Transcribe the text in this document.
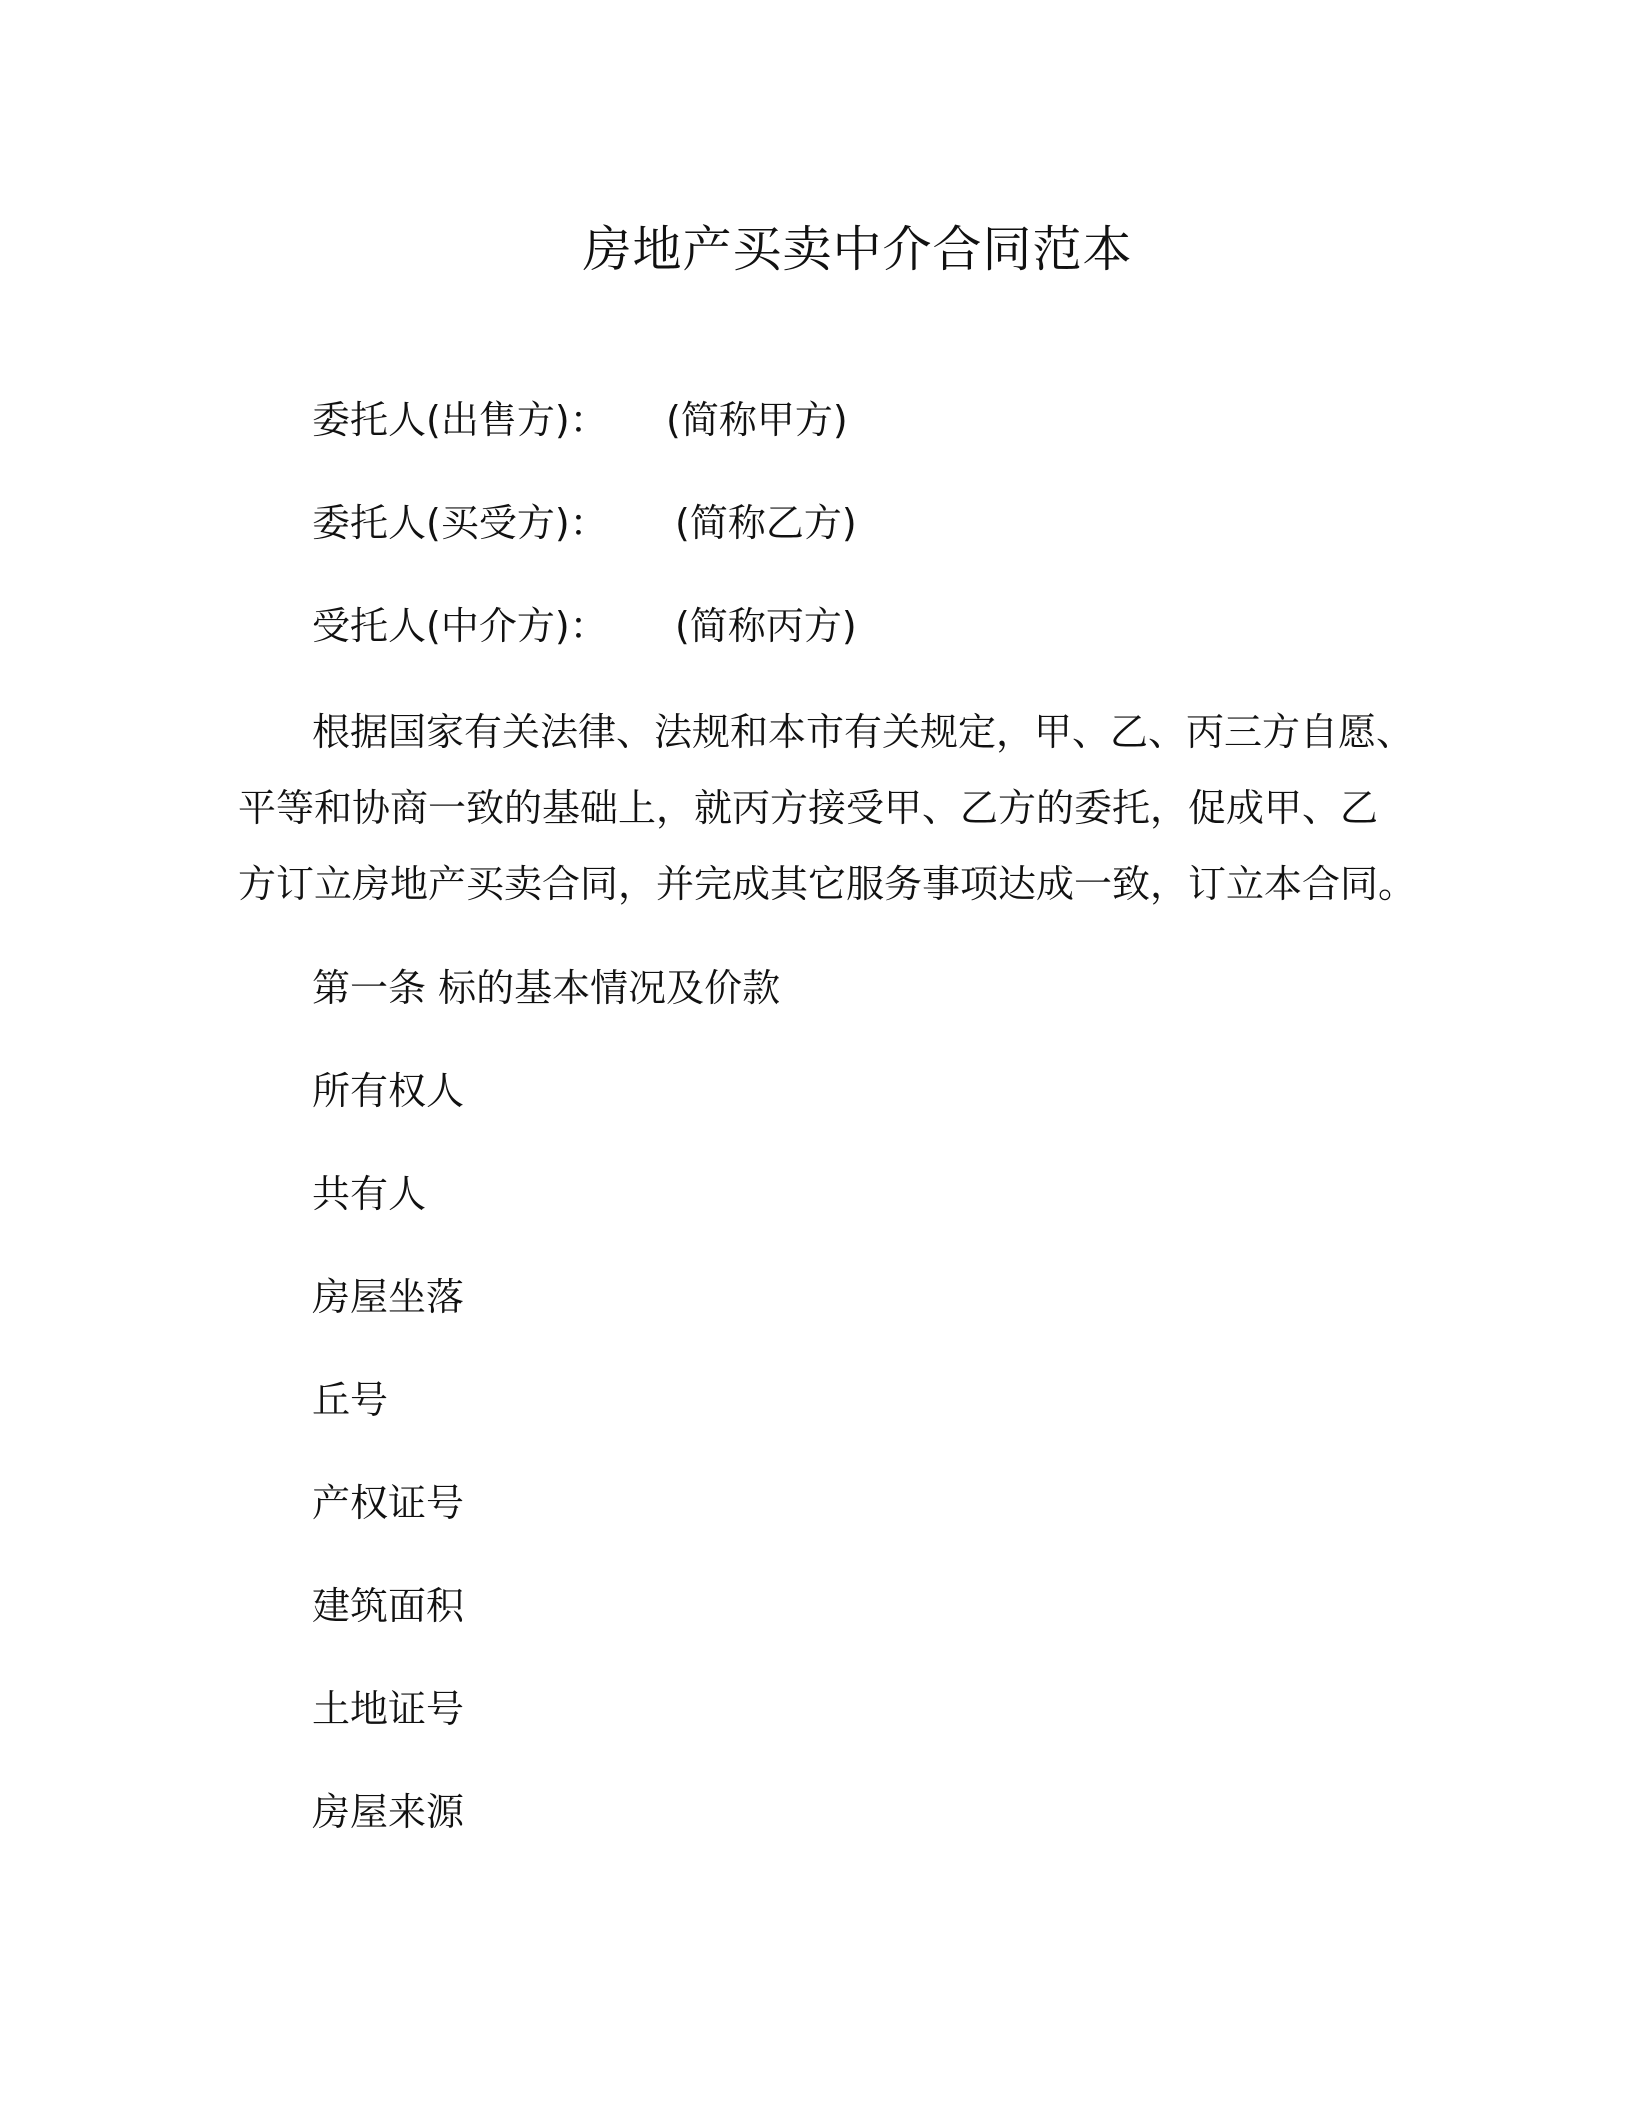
房地产买卖中介合同范本
委托人(出售方)： (简称甲方)
委托人(买受方)： (简称乙方)
受托人(中介方)： (简称丙方)
根据国家有关法律、法规和本市有关规定，甲、乙、丙三方自愿、
平等和协商一致的基础上，就丙方接受甲、乙方的委托，促成甲、乙
方订立房地产买卖合同，并完成其它服务事项达成一致，订立本合同。
第一条 标的基本情况及价款
所有权人
共有人
房屋坐落
丘号
产权证号
建筑面积
土地证号
房屋来源
